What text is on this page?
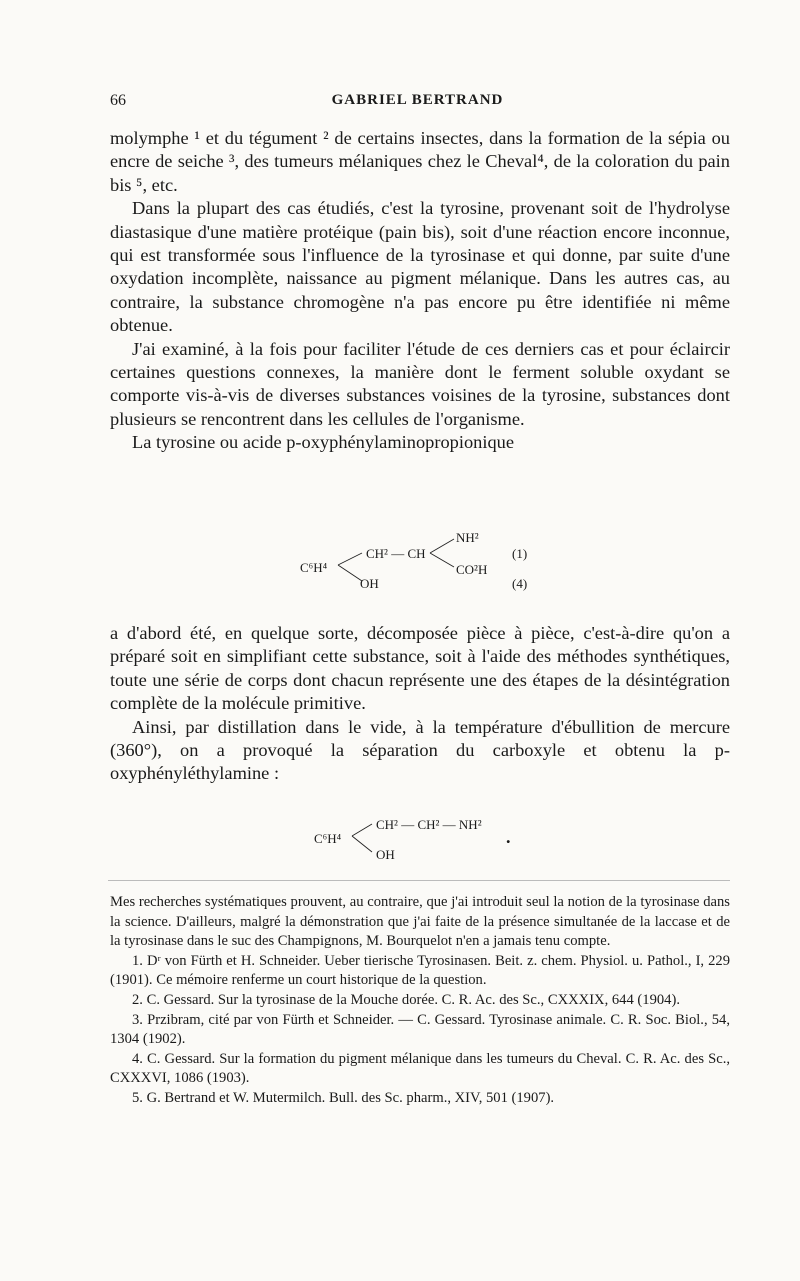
66	GABRIEL BERTRAND

molymphe ¹ et du tégument ² de certains insectes, dans la formation de la sépia ou encre de seiche ³, des tumeurs mélaniques chez le Cheval⁴, de la coloration du pain bis ⁵, etc.

Dans la plupart des cas étudiés, c'est la tyrosine, provenant soit de l'hydrolyse diastasique d'une matière protéique (pain bis), soit d'une réaction encore inconnue, qui est transformée sous l'influence de la tyrosinase et qui donne, par suite d'une oxydation incomplète, naissance au pigment mélanique. Dans les autres cas, au contraire, la substance chromogène n'a pas encore pu être identifiée ni même obtenue.

J'ai examiné, à la fois pour faciliter l'étude de ces derniers cas et pour éclaircir certaines questions connexes, la manière dont le ferment soluble oxydant se comporte vis-à-vis de diverses substances voisines de la tyrosine, substances dont plusieurs se rencontrent dans les cellules de l'organisme.

La tyrosine ou acide p-oxyphénylaminopropionique

C⁶H⁴
CH² — CH
NH²
CO²H
OH
(1)
(4)

a d'abord été, en quelque sorte, décomposée pièce à pièce, c'est-à-dire qu'on a préparé soit en simplifiant cette substance, soit à l'aide des méthodes synthétiques, toute une série de corps dont chacun représente une des étapes de la désintégration complète de la molécule primitive.

Ainsi, par distillation dans le vide, à la température d'ébullition de mercure (360°), on a provoqué la séparation du carboxyle et obtenu la p-oxyphényléthylamine :

C⁶H⁴
CH² — CH² — NH²
OH
.

Mes recherches systématiques prouvent, au contraire, que j'ai introduit seul la notion de la tyrosinase dans la science. D'ailleurs, malgré la démonstration que j'ai faite de la présence simultanée de la laccase et de la tyrosinase dans le suc des Champignons, M. Bourquelot n'en a jamais tenu compte.

1. Dʳ von Fürth et H. Schneider. Ueber tierische Tyrosinasen. Beit. z. chem. Physiol. u. Pathol., I, 229 (1901). Ce mémoire renferme un court historique de la question.

2. C. Gessard. Sur la tyrosinase de la Mouche dorée. C. R. Ac. des Sc., CXXXIX, 644 (1904).

3. Przibram, cité par von Fürth et Schneider. — C. Gessard. Tyrosinase animale. C. R. Soc. Biol., 54, 1304 (1902).

4. C. Gessard. Sur la formation du pigment mélanique dans les tumeurs du Cheval. C. R. Ac. des Sc., CXXXVI, 1086 (1903).

5. G. Bertrand et W. Mutermilch. Bull. des Sc. pharm., XIV, 501 (1907).
